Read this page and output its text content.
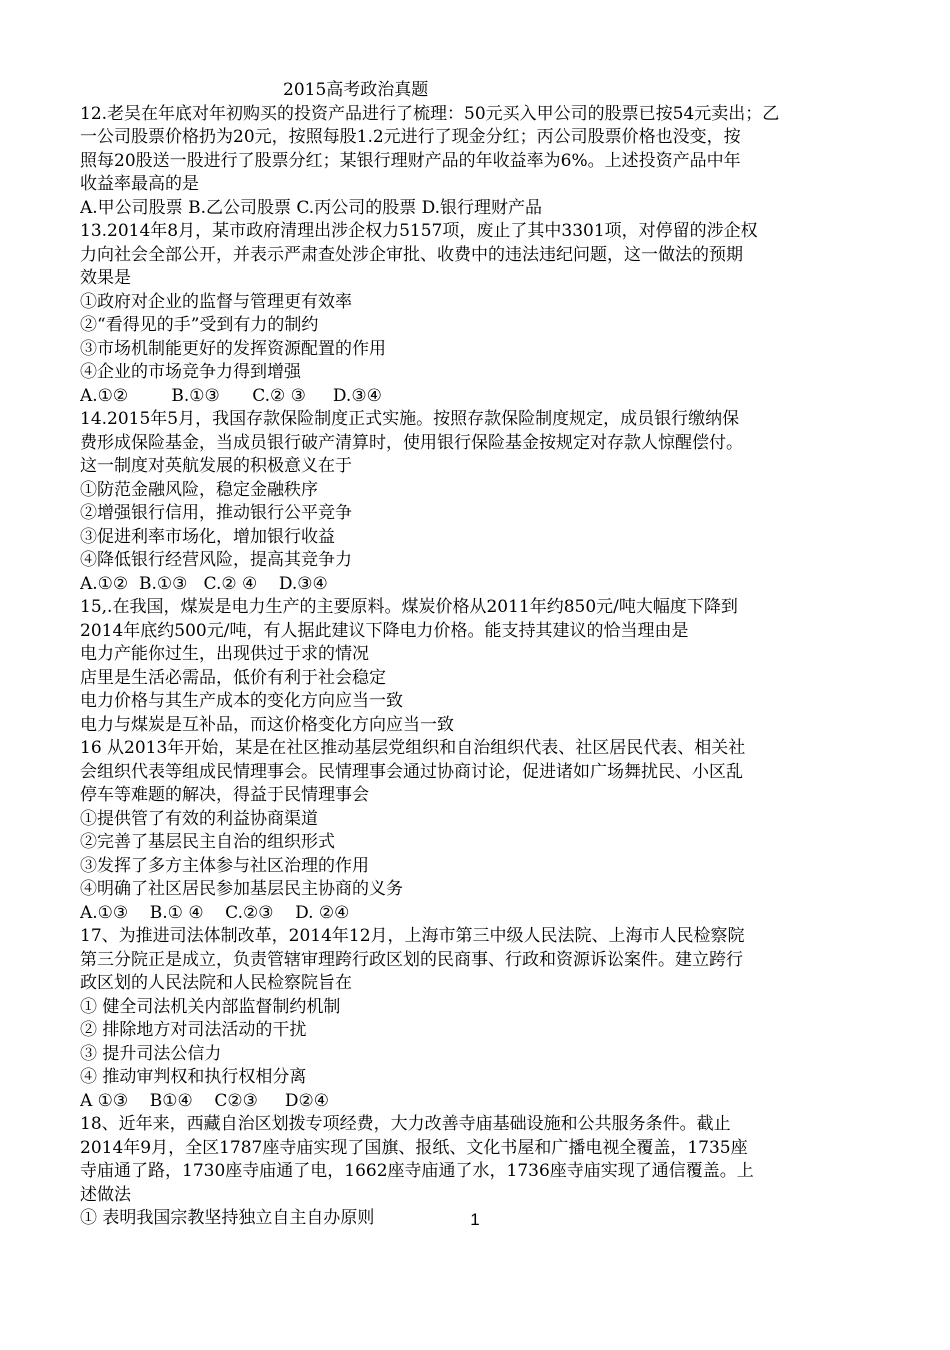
2015高考政治真题
12.老吴在年底对年初购买的投资产品进行了梳理：50元买入甲公司的股票已按54元卖出；乙
一公司股票价格扔为20元，按照每股1.2元进行了现金分红；丙公司股票价格也没变，按
照每20股送一股进行了股票分红；某银行理财产品的年收益率为6%。上述投资产品中年
收益率最高的是
A.甲公司股票 B.乙公司股票 C.丙公司的股票 D.银行理财产品
13.2014年8月，某市政府清理出涉企权力5157项，废止了其中3301项，对停留的涉企权
力向社会全部公开，并表示严肃查处涉企审批、收费中的违法违纪问题，这一做法的预期
效果是
①政府对企业的监督与管理更有效率
②“看得见的手”受到有力的制约
③市场机制能更好的发挥资源配置的作用
④企业的市场竞争力得到增强
A.①②        B.①③      C.② ③     D.③④
14.2015年5月，我国存款保险制度正式实施。按照存款保险制度规定，成员银行缴纳保
费形成保险基金，当成员银行破产清算时，使用银行保险基金按规定对存款人惊醒偿付。
这一制度对英航发展的积极意义在于
①防范金融风险，稳定金融秩序
②增强银行信用，推动银行公平竞争
③促进利率市场化，增加银行收益
④降低银行经营风险，提高其竞争力
A.①②  B.①③   C.② ④    D.③④
15,.在我国，煤炭是电力生产的主要原料。煤炭价格从2011年约850元/吨大幅度下降到
2014年底约500元/吨，有人据此建议下降电力价格。能支持其建议的恰当理由是
电力产能你过生，出现供过于求的情况
店里是生活必需品，低价有利于社会稳定
电力价格与其生产成本的变化方向应当一致
电力与煤炭是互补品，而这价格变化方向应当一致
16 从2013年开始，某是在社区推动基层党组织和自治组织代表、社区居民代表、相关社
会组织代表等组成民情理事会。民情理事会通过协商讨论，促进诸如广场舞扰民、小区乱
停车等难题的解决，得益于民情理事会
①提供管了有效的利益协商渠道
②完善了基层民主自治的组织形式
③发挥了多方主体参与社区治理的作用
④明确了社区居民参加基层民主协商的义务
A.①③    B.① ④    C.②③    D. ②④
17、为推进司法体制改革，2014年12月，上海市第三中级人民法院、上海市人民检察院
第三分院正是成立，负责管辖审理跨行政区划的民商事、行政和资源诉讼案件。建立跨行
政区划的人民法院和人民检察院旨在
① 健全司法机关内部监督制约机制
② 排除地方对司法活动的干扰
③ 提升司法公信力
④ 推动审判权和执行权相分离
A ①③    B①④    C②③     D②④
18、近年来，西藏自治区划拨专项经费，大力改善寺庙基础设施和公共服务条件。截止
2014年9月，全区1787座寺庙实现了国旗、报纸、文化书屋和广播电视全覆盖，1735座
寺庙通了路，1730座寺庙通了电，1662座寺庙通了水，1736座寺庙实现了通信覆盖。上
述做法
① 表明我国宗教坚持独立自主自办原则	1
